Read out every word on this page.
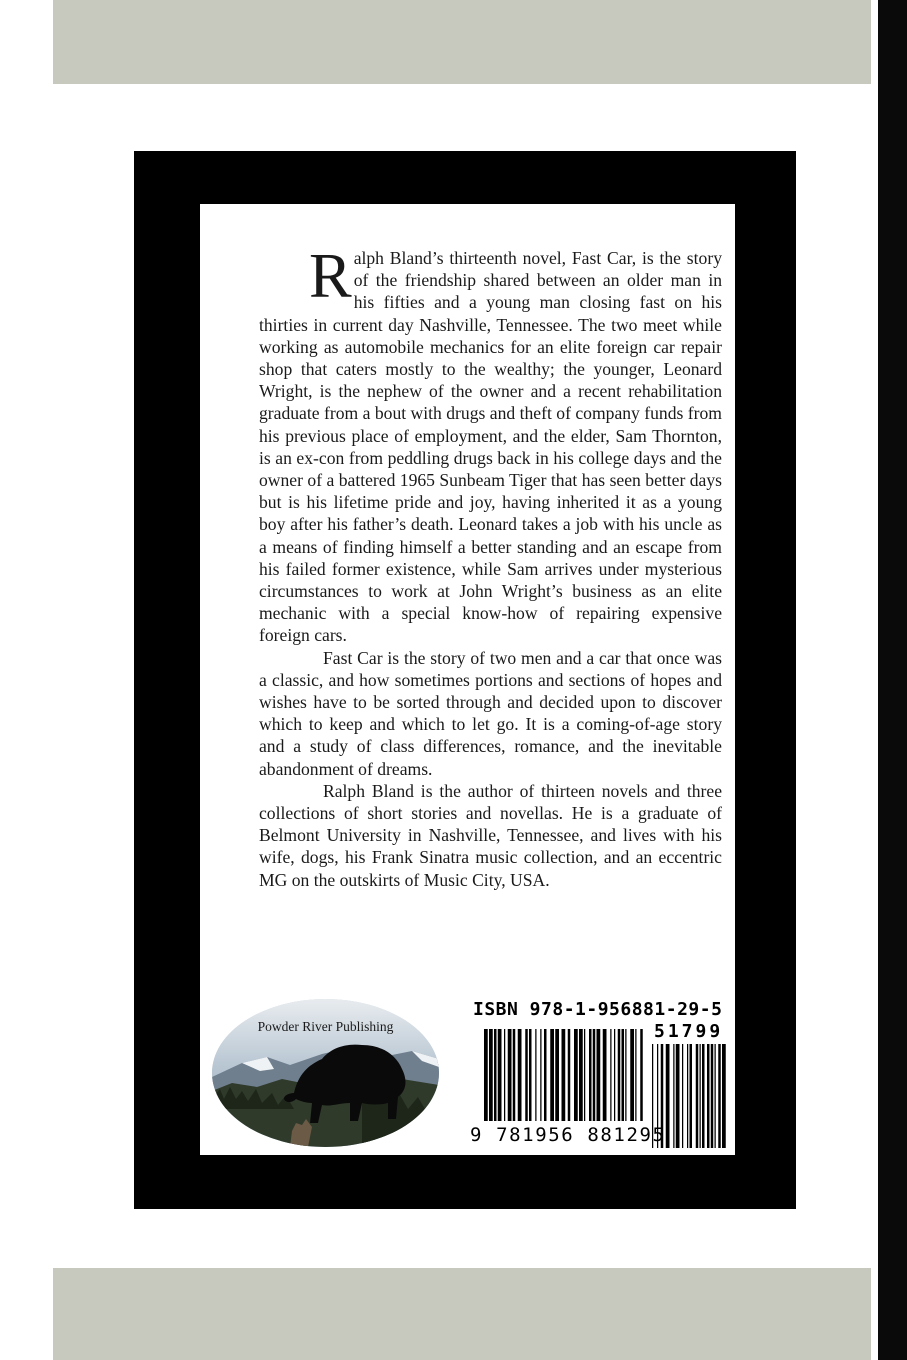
Ralph Bland’s thirteenth novel, Fast Car, is the story of the friendship shared between an older man in his fifties and a young man closing fast on his thirties in current day Nashville, Tennessee. The two meet while working as automobile mechanics for an elite foreign car repair shop that caters mostly to the wealthy; the younger, Leonard Wright, is the nephew of the owner and a recent rehabilitation graduate from a bout with drugs and theft of company funds from his previous place of employment, and the elder, Sam Thornton, is an ex-con from peddling drugs back in his college days and the owner of a battered 1965 Sunbeam Tiger that has seen better days but is his lifetime pride and joy, having inherited it as a young boy after his father’s death. Leonard takes a job with his uncle as a means of finding himself a better standing and an escape from his failed former existence, while Sam arrives under mysterious circumstances to work at John Wright’s business as an elite mechanic with a special know-how of repairing expensive foreign cars.

Fast Car is the story of two men and a car that once was a classic, and how sometimes portions and sections of hopes and wishes have to be sorted through and decided upon to discover which to keep and which to let go. It is a coming-of-age story and a study of class differences, romance, and the inevitable abandonment of dreams.

Ralph Bland is the author of thirteen novels and three collections of short stories and novellas. He is a graduate of Belmont University in Nashville, Tennessee, and lives with his wife, dogs, his Frank Sinatra music collection, and an eccentric MG on the outskirts of Music City, USA.

Powder River Publishing
ISBN 978-1-956881-29-5
51799
9 781956 881295
